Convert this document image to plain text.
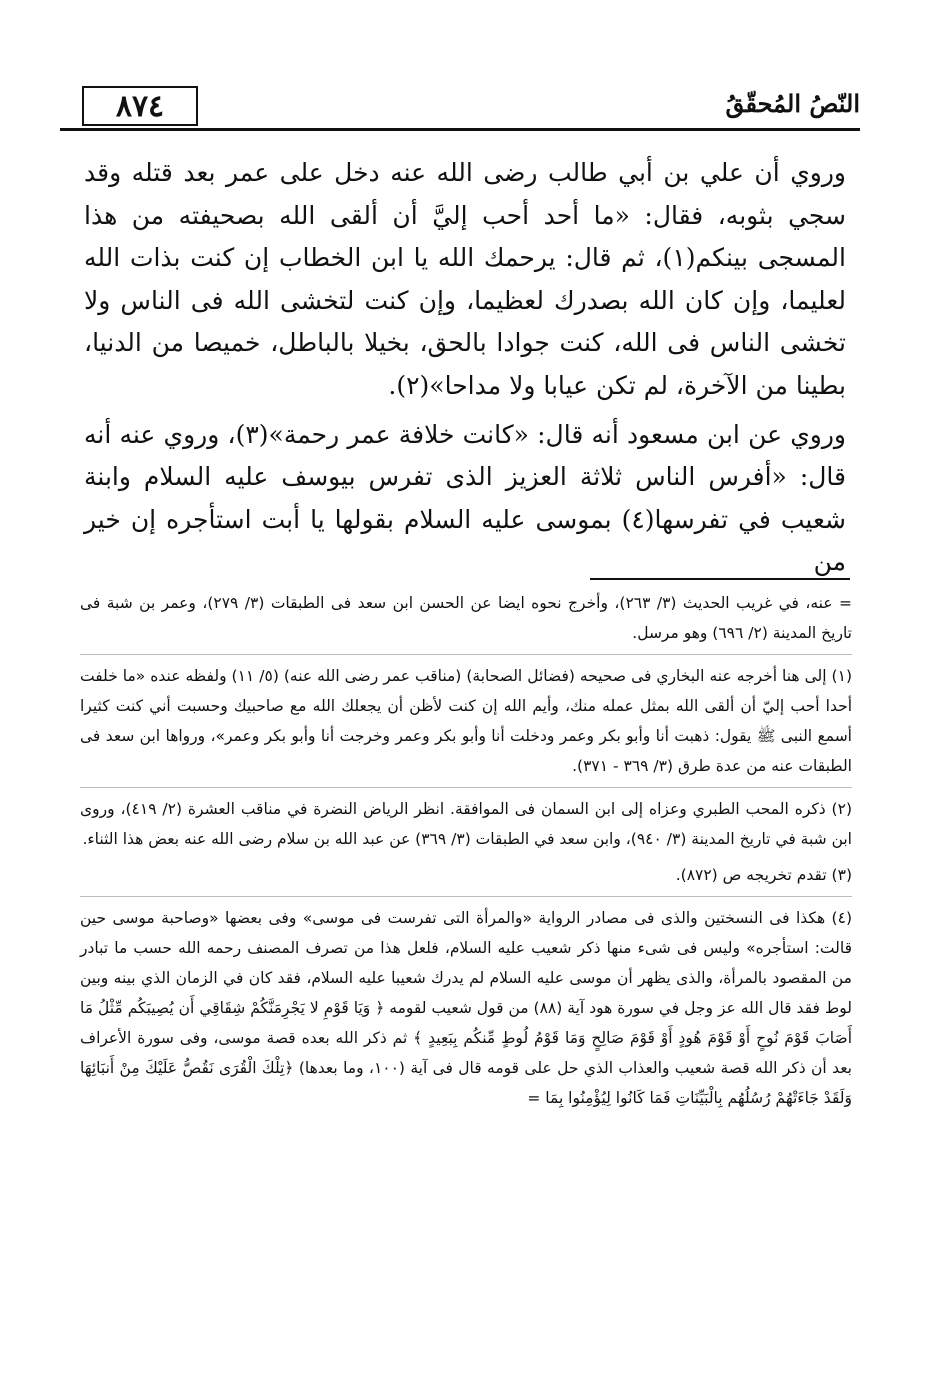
٨٧٤	النّصُ المُحقّقُ

وروي أن علي بن أبي طالب رضى الله عنه دخل على عمر بعد قتله وقد سجي بثوبه، فقال: «ما أحد أحب إليَّ أن ألقى الله بصحيفته من هذا المسجى بينكم(١)، ثم قال: يرحمك الله يا ابن الخطاب إن كنت بذات الله لعليما، وإن كان الله بصدرك لعظيما، وإن كنت لتخشى الله فى الناس ولا تخشى الناس فى الله، كنت جوادا بالحق، بخيلا بالباطل، خميصا من الدنيا، بطينا من الآخرة، لم تكن عيابا ولا مداحا»(٢).

وروي عن ابن مسعود أنه قال: «كانت خلافة عمر رحمة»(٣)، وروي عنه أنه قال: «أفرس الناس ثلاثة العزيز الذى تفرس بيوسف عليه السلام وابنة شعيب في تفرسها(٤) بموسى عليه السلام بقولها يا أبت استأجره إن خير من

= عنه، في غريب الحديث (٣/ ٢٦٣)، وأخرج نحوه ايضا عن الحسن ابن سعد فى الطبقات (٣/ ٢٧٩)، وعمر بن شبة فى تاريخ المدينة (٢/ ٦٩٦) وهو مرسل.

(١) إلى هنا أخرجه عنه البخاري فى صحيحه (فضائل الصحابة) (مناقب عمر رضى الله عنه) (٥/ ١١) ولفظه عنده «ما خلفت أحدا أحب إليّ أن ألقى الله بمثل عمله منك، وأيم الله إن كنت لأظن أن يجعلك الله مع صاحبيك وحسبت أني كنت كثيرا أسمع النبى ﷺ يقول: ذهبت أنا وأبو بكر وعمر ودخلت أنا وأبو بكر وعمر وخرجت أنا وأبو بكر وعمر»، ورواها ابن سعد فى الطبقات عنه من عدة طرق (٣/ ٣٦٩ - ٣٧١).

(٢) ذكره المحب الطبري وعزاه إلى ابن السمان فى الموافقة. انظر الرياض النضرة في مناقب العشرة (٢/ ٤١٩)، وروى ابن شبة في تاريخ المدينة (٣/ ٩٤٠)، وابن سعد في الطبقات (٣/ ٣٦٩) عن عبد الله بن سلام رضى الله عنه بعض هذا الثناء.

(٣) تقدم تخريجه ص (٨٧٢).

(٤) هكذا فى النسختين والذى فى مصادر الرواية «والمرأة التى تفرست فى موسى» وفى بعضها «وصاحبة موسى حين قالت: استأجره» وليس فى شىء منها ذكر شعيب عليه السلام، فلعل هذا من تصرف المصنف رحمه الله حسب ما تبادر من المقصود بالمرأة، والذى يظهر أن موسى عليه السلام لم يدرك شعيبا عليه السلام، فقد كان في الزمان الذي بينه وبين لوط فقد قال الله عز وجل في سورة هود آية (٨٨) من قول شعيب لقومه ﴿ وَيَا قَوْمِ لا يَجْرِمَنَّكُمْ شِقَاقِي أَن يُصِيبَكُم مِّثْلُ مَا أَصَابَ قَوْمَ نُوحٍ أَوْ قَوْمَ هُودٍ أَوْ قَوْمَ صَالِحٍ وَمَا قَوْمُ لُوطٍ مِّنكُم بِبَعِيدٍ ﴾ ثم ذكر الله بعده قصة موسى، وفى سورة الأعراف بعد أن ذكر الله قصة شعيب والعذاب الذي حل على قومه قال فى آية (١٠٠، وما بعدها) ﴿تِلْكَ الْقُرَى نَقُصُّ عَلَيْكَ مِنْ أَنبَائِهَا وَلَقَدْ جَاءَتْهُمْ رُسُلُهُم بِالْبَيِّنَاتِ فَمَا كَانُوا لِيُؤْمِنُوا بِمَا =
